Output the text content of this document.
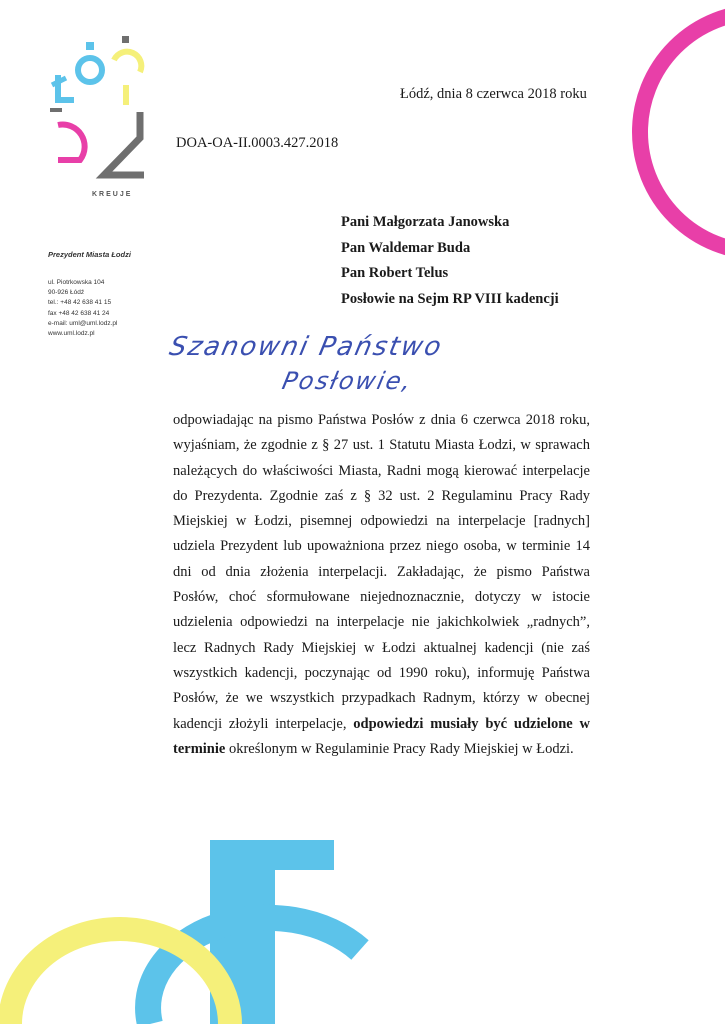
KREUJE
Prezydent Miasta Łodzi
ul. Piotrkowska 104
90-926 Łódź
tel.: +48 42 638 41 15
fax +48 42 638 41 24
e-mail: uml@uml.lodz.pl
www.uml.lodz.pl
Łódź, dnia 8 czerwca 2018 roku
DOA-OA-II.0003.427.2018
Pani Małgorzata Janowska
Pan Waldemar Buda
Pan Robert Telus
Posłowie na Sejm RP VIII kadencji
Szanowni Państwo
Posłowie,
odpowiadając na pismo Państwa Posłów z dnia 6 czerwca 2018 roku, wyjaśniam, że zgodnie z § 27 ust. 1 Statutu Miasta Łodzi, w sprawach należących do właściwości Miasta, Radni mogą kierować interpelacje do Prezydenta. Zgodnie zaś z § 32 ust. 2 Regulaminu Pracy Rady Miejskiej w Łodzi, pisemnej odpowiedzi na interpelacje [radnych] udziela Prezydent lub upoważniona przez niego osoba, w terminie 14 dni od dnia złożenia interpelacji. Zakładając, że pismo Państwa Posłów, choć sformułowane niejednoznacznie, dotyczy w istocie udzielenia odpowiedzi na interpelacje nie jakichkolwiek „radnych”, lecz Radnych Rady Miejskiej w Łodzi aktualnej kadencji (nie zaś wszystkich kadencji, poczynając od 1990 roku), informuję Państwa Posłów, że we wszystkich przypadkach Radnym, którzy w obecnej kadencji złożyli interpelacje, odpowiedzi musiały być udzielone w terminie określonym w Regulaminie Pracy Rady Miejskiej w Łodzi.
